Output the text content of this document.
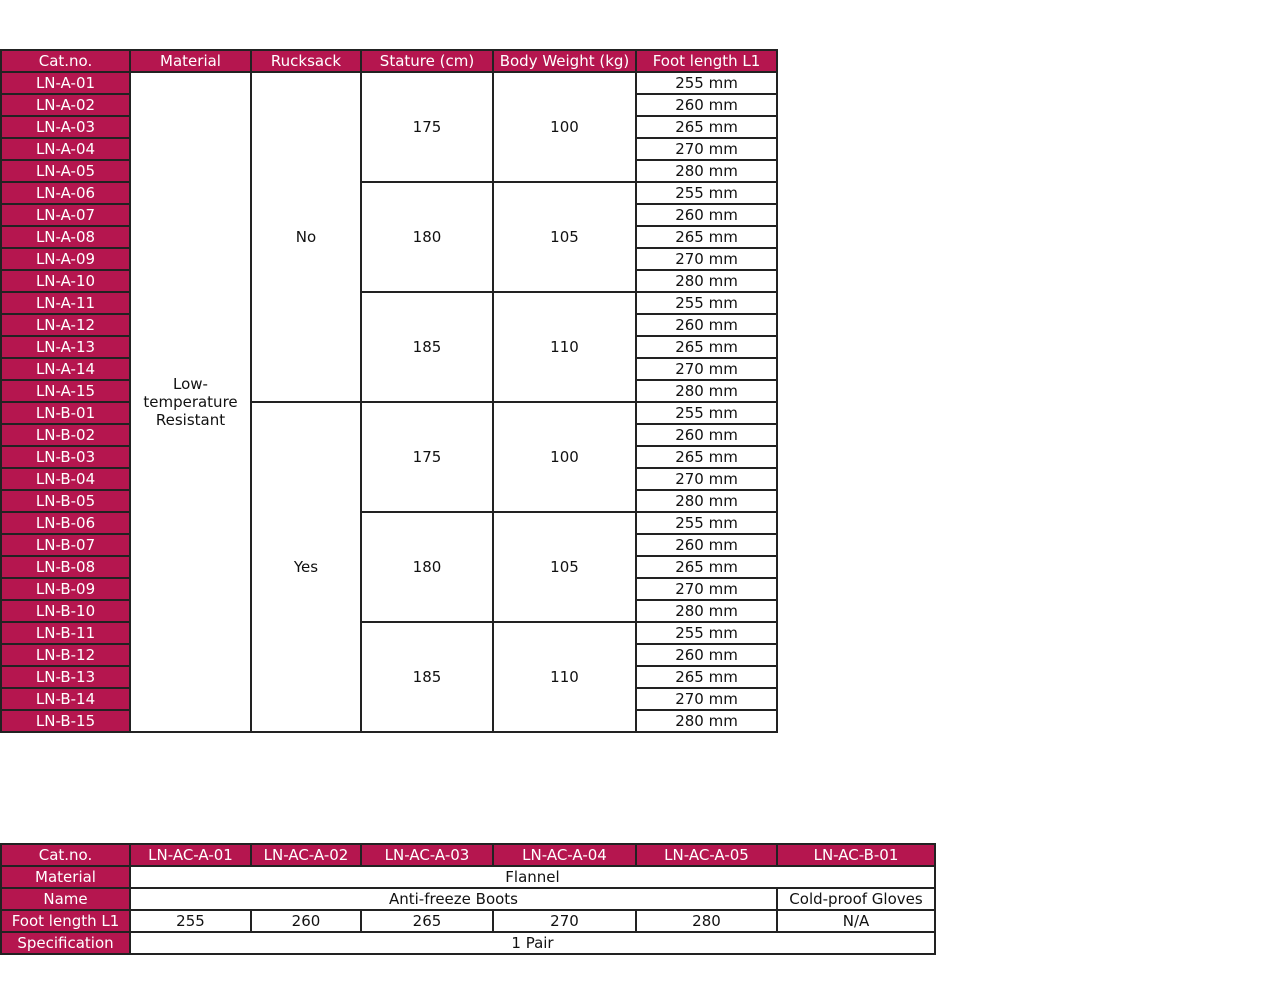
Cat.no.	Material	Rucksack	Stature (cm)	Body Weight (kg)	Foot length L1
LN-A-01	Low-temperature Resistant	No	175	100	255 mm
LN-A-02					260 mm
LN-A-03					265 mm
LN-A-04					270 mm
LN-A-05					280 mm
LN-A-06			180	105	255 mm
LN-A-07					260 mm
LN-A-08					265 mm
LN-A-09					270 mm
LN-A-10					280 mm
LN-A-11			185	110	255 mm
LN-A-12					260 mm
LN-A-13					265 mm
LN-A-14					270 mm
LN-A-15					280 mm
LN-B-01		Yes	175	100	255 mm
LN-B-02					260 mm
LN-B-03					265 mm
LN-B-04					270 mm
LN-B-05					280 mm
LN-B-06			180	105	255 mm
LN-B-07					260 mm
LN-B-08					265 mm
LN-B-09					270 mm
LN-B-10					280 mm
LN-B-11			185	110	255 mm
LN-B-12					260 mm
LN-B-13					265 mm
LN-B-14					270 mm
LN-B-15					280 mm
Cat.no.	LN-AC-A-01	LN-AC-A-02	LN-AC-A-03	LN-AC-A-04	LN-AC-A-05	LN-AC-B-01
Material	Flannel					
Name	Anti-freeze Boots					Cold-proof Gloves
Foot length L1	255	260	265	270	280	N/A
Specification	1 Pair					
